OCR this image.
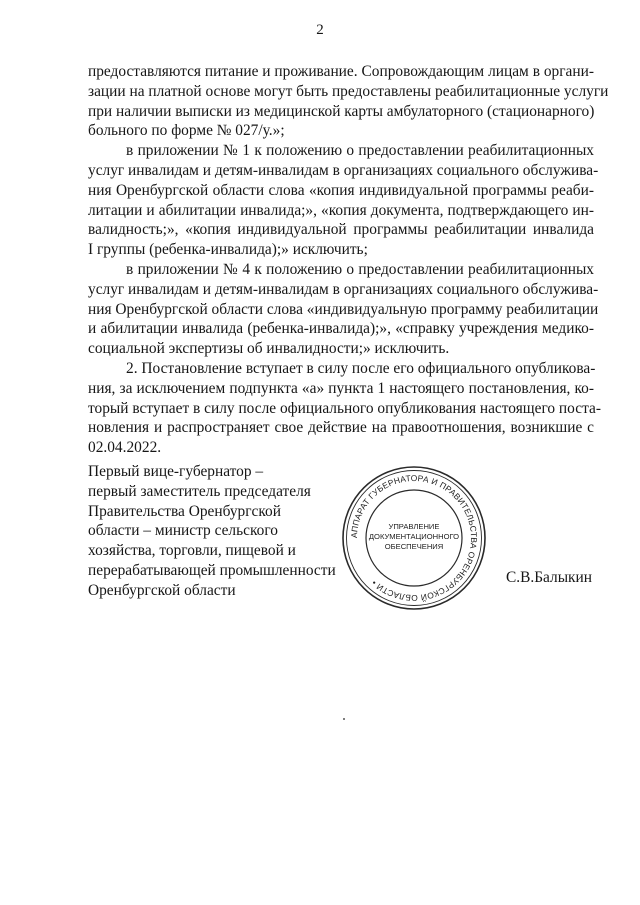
2
предоставляются питание и проживание. Сопровождающим лицам в органи-
зации на платной основе могут быть предоставлены реабилитационные услуги
при наличии выписки из медицинской карты амбулаторного (стационарного)
больного по форме № 027/у.»;
в приложении № 1 к положению о предоставлении реабилитационных
услуг инвалидам и детям-инвалидам в организациях социального обслужива-
ния Оренбургской области слова «копия индивидуальной программы реаби-
литации и абилитации инвалида;», «копия документа, подтверждающего ин-
валидность;», «копия индивидуальной программы реабилитации инвалида
I группы (ребенка-инвалида);» исключить;
в приложении № 4 к положению о предоставлении реабилитационных
услуг инвалидам и детям-инвалидам в организациях социального обслужива-
ния Оренбургской области слова «индивидуальную программу реабилитации
и абилитации инвалида (ребенка-инвалида);», «справку учреждения медико-
социальной экспертизы об инвалидности;» исключить.
2. Постановление вступает в силу после его официального опубликова-
ния, за исключением подпункта «а» пункта 1 настоящего постановления, ко-
торый вступает в силу после официального опубликования настоящего поста-
новления и распространяет свое действие на правоотношения, возникшие с
02.04.2022.
Первый вице-губернатор –
первый заместитель председателя
Правительства Оренбургской
области – министр сельского
хозяйства, торговли, пищевой и
перерабатывающей промышленности
Оренбургской области
С.В.Балыкин
АППАРАТ ГУБЕРНАТОРА И ПРАВИТЕЛЬСТВА ОРЕНБУРГСКОЙ ОБЛАСТИ •
УПРАВЛЕНИЕ
ДОКУМЕНТАЦИОННОГО
ОБЕСПЕЧЕНИЯ
